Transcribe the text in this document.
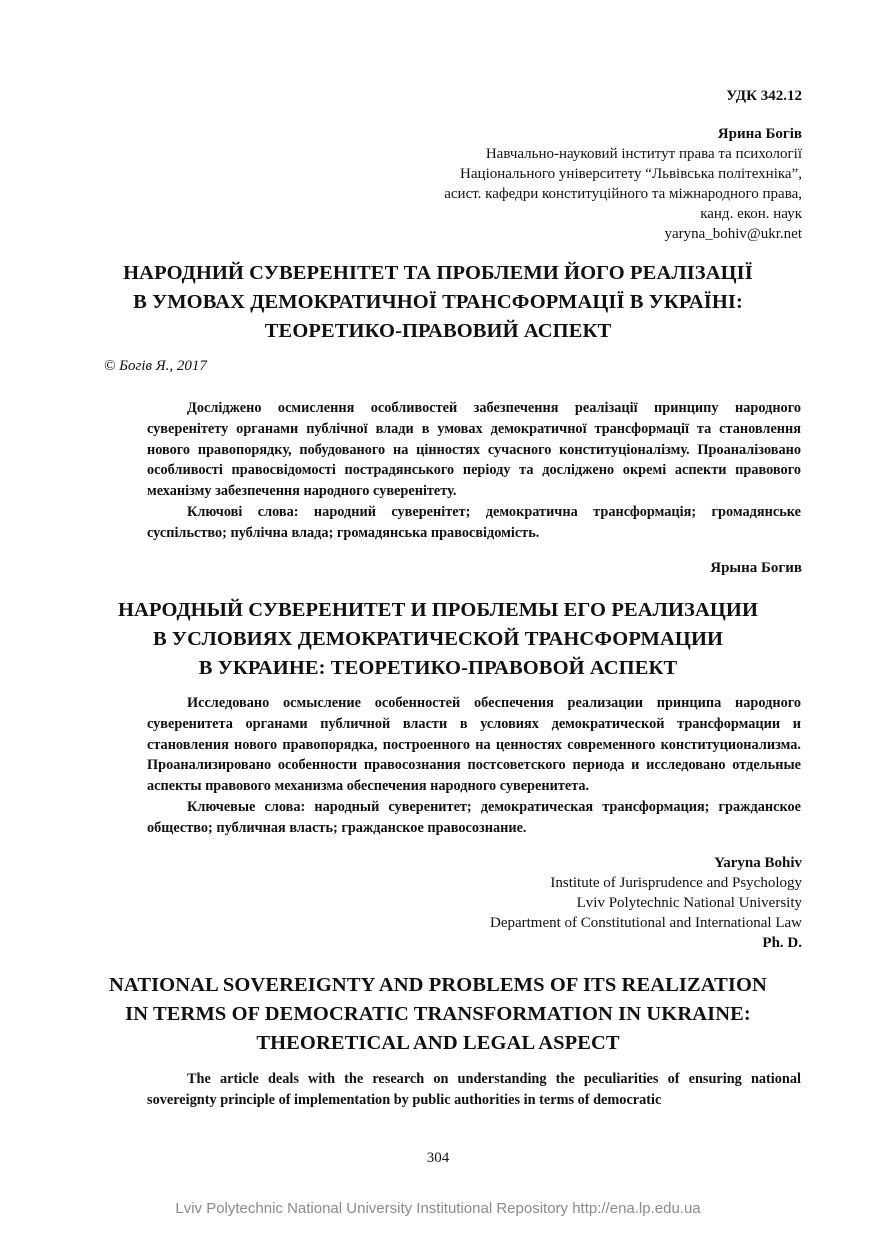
УДК 342.12
Ярина Богів
Навчально-науковий інститут права та психології
Національного університету “Львівська політехніка”,
асист. кафедри конституційного та міжнародного права,
канд. екон. наук
yaryna_bohiv@ukr.net
НАРОДНИЙ СУВЕРЕНІТЕТ ТА ПРОБЛЕМИ ЙОГО РЕАЛІЗАЦІЇ
В УМОВАХ ДЕМОКРАТИЧНОЇ ТРАНСФОРМАЦІЇ В УКРАЇНІ:
ТЕОРЕТИКО-ПРАВОВИЙ АСПЕКТ
© Богів Я., 2017

Досліджено осмислення особливостей забезпечення реалізації принципу народного суверенітету органами публічної влади в умовах демократичної трансформації та становлення нового правопорядку, побудованого на цінностях сучасного конституціоналізму. Проаналізовано особливості правосвідомості пострадянського періоду та досліджено окремі аспекти правового механізму забезпечення народного суверенітету.

Ключові слова: народний суверенітет; демократична трансформація; громадянське суспільство; публічна влада; громадянська правосвідомість.

Ярына Богив
НАРОДНЫЙ СУВЕРЕНИТЕТ И ПРОБЛЕМЫ ЕГО РЕАЛИЗАЦИИ
В УСЛОВИЯХ ДЕМОКРАТИЧЕСКОЙ ТРАНСФОРМАЦИИ
В УКРАИНЕ: ТЕОРЕТИКО-ПРАВОВОЙ АСПЕКТ

Исследовано осмысление особенностей обеспечения реализации принципа народного суверенитета органами публичной власти в условиях демократической трансформации и становления нового правопорядка, построенного на ценностях современного конституционализма. Проанализировано особенности правосознания постсоветского периода и исследовано отдельные аспекты правового механизма обеспечения народного суверенитета.

Ключевые слова: народный суверенитет; демократическая трансформация; гражданское общество; публичная власть; гражданское правосознание.

Yaryna Bohiv
Institute of Jurisprudence and Psychology
Lviv Polytechnic National University
Department of Constitutional and International Law
Ph. D.
NATIONAL SOVEREIGNTY AND PROBLEMS OF ITS REALIZATION
IN TERMS OF DEMOCRATIC TRANSFORMATION IN UKRAINE:
THEORETICAL AND LEGAL ASPECT

The article deals with the research on understanding the peculiarities of ensuring national sovereignty principle of implementation by public authorities in terms of democratic

304
Lviv Polytechnic National University Institutional Repository http://ena.lp.edu.ua
